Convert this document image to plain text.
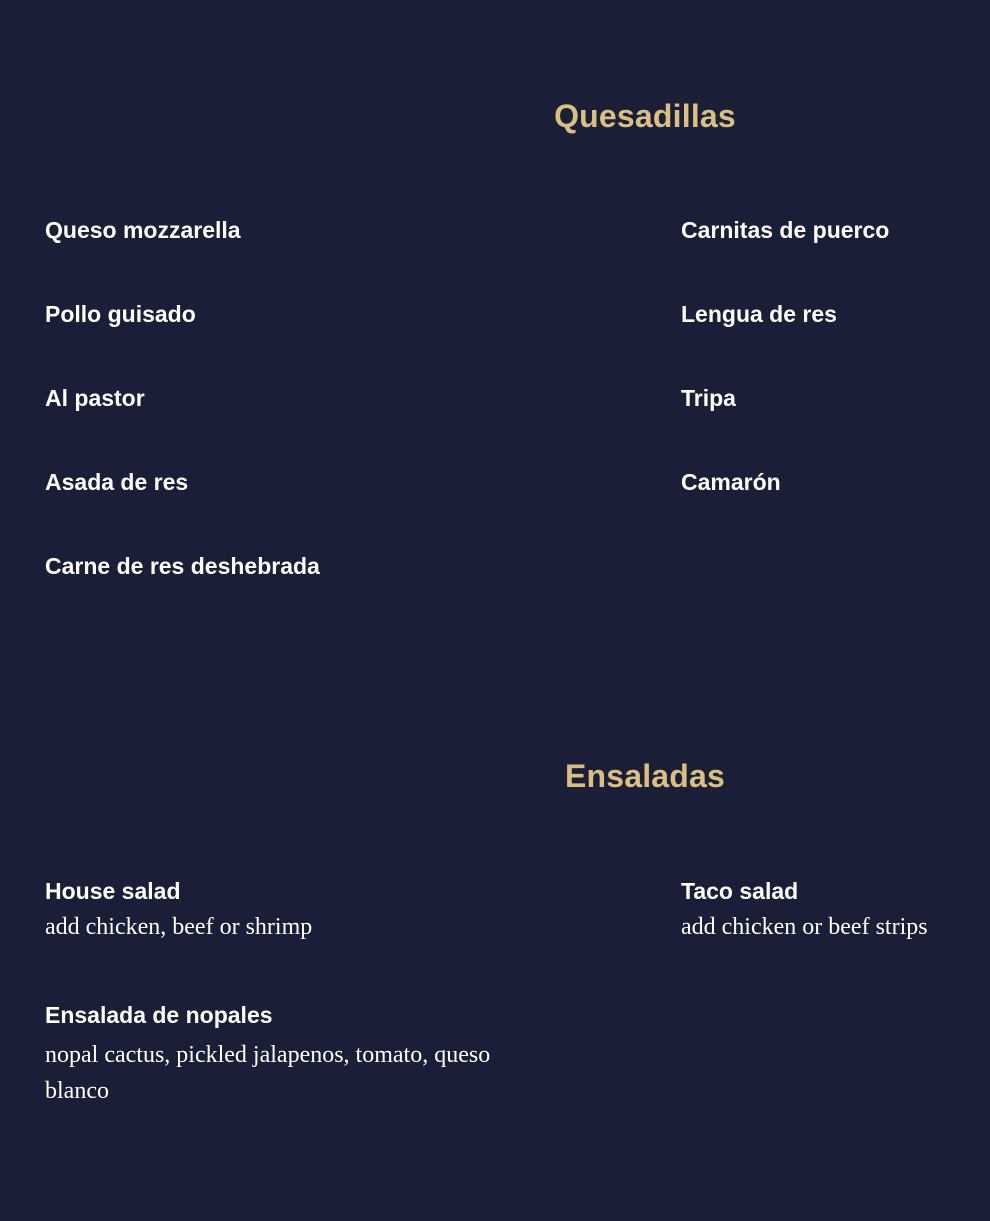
Quesadillas
Queso mozzarella
Pollo guisado
Al pastor
Asada de res
Carne de res deshebrada
Carnitas de puerco
Lengua de res
Tripa
Camarón
Ensaladas
House salad
add chicken, beef or shrimp
Ensalada de nopales
nopal cactus, pickled jalapenos, tomato, queso blanco
Taco salad
add chicken or beef strips
